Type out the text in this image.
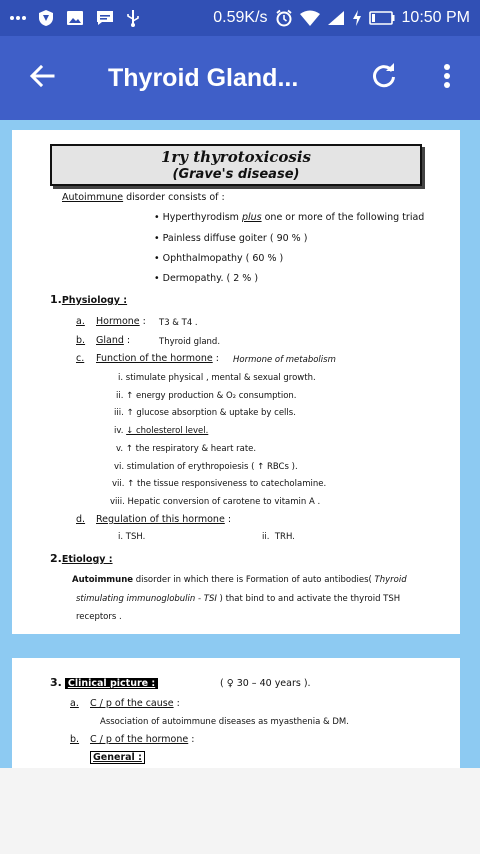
0.59K/s	10:50 PM
Thyroid Gland...
1ry thyrotoxicosis
(Grave's disease)
Autoimmune disorder consists of :
• Hyperthyrodism plus one or more of the following triad
• Painless diffuse goiter ( 90 % )
• Ophthalmopathy ( 60 % )
• Dermopathy. ( 2 % )
1.Physiology :
a. Hormone : T3 & T4 .
b. Gland :	Thyroid gland.
c. Function of the hormone : Hormone of metabolism
i. stimulate physical , mental & sexual growth.
ii. ↑ energy production & O₂ consumption.
iii. ↑ glucose absorption & uptake by cells.
iv. ↓ cholesterol level.
v. ↑ the respiratory & heart rate.
vi. stimulation of erythropoiesis ( ↑ RBCs ).
vii. ↑ the tissue responsiveness to catecholamine.
viii. Hepatic conversion of carotene to vitamin A .
d. Regulation of this hormone :
i. TSH.	ii. TRH.
2.Etiology :
Autoimmune disorder in which there is Formation of auto antibodies( Thyroid
stimulating immunoglobulin - TSI ) that bind to and activate the thyroid TSH
receptors .
3. Clinical picture :	( ♀ 30 – 40 years ).
a. C / p of the cause :
Association of autoimmune diseases as myasthenia & DM.
b. C / p of the hormone :
General :
